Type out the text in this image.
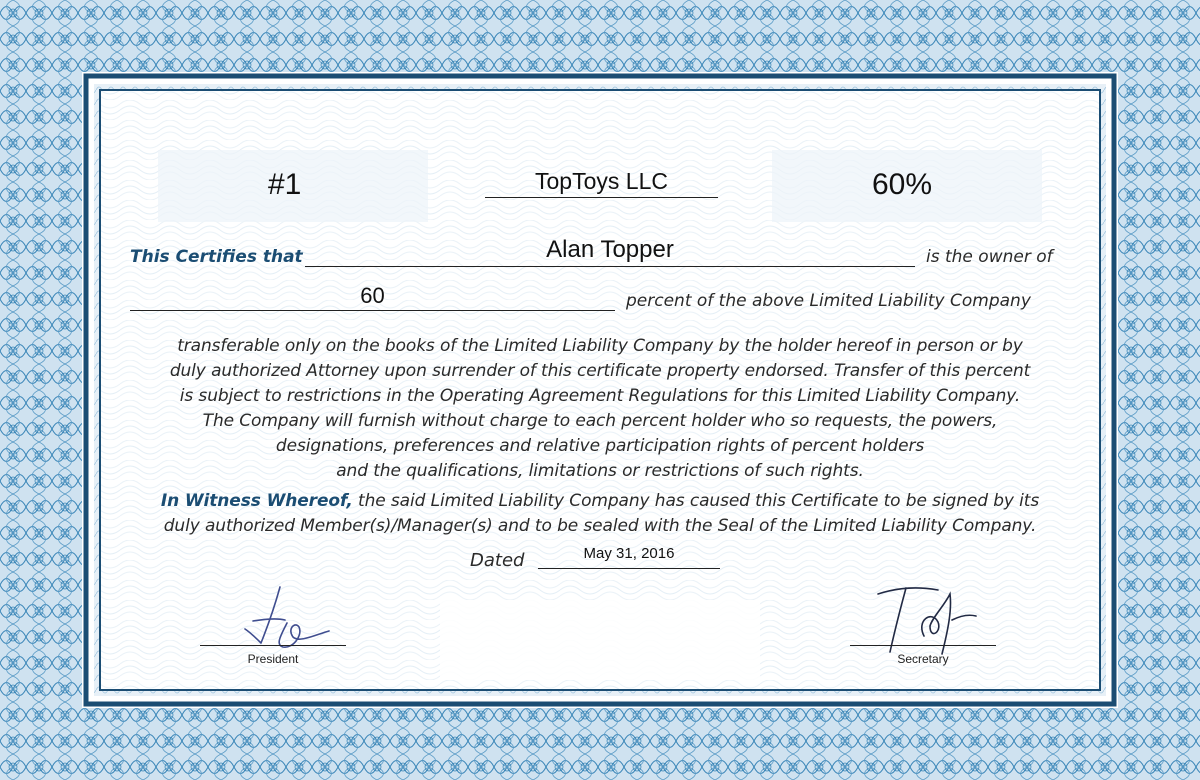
#1	TopToys LLC	60%
This Certifies that	Alan Topper	is the owner of
60	percent of the above Limited Liability Company
transferable only on the books of the Limited Liability Company by the holder hereof in person or by
duly authorized Attorney upon surrender of this certificate property endorsed. Transfer of this percent
is subject to restrictions in the Operating Agreement Regulations for this Limited Liability Company.
The Company will furnish without charge to each percent holder who so requests, the powers,
designations, preferences and relative participation rights of percent holders
and the qualifications, limitations or restrictions of such rights.
In Witness Whereof, the said Limited Liability Company has caused this Certificate to be signed by its
duly authorized Member(s)/Manager(s) and to be sealed with the Seal of the Limited Liability Company.
Dated	May 31, 2016
President	Secretary
